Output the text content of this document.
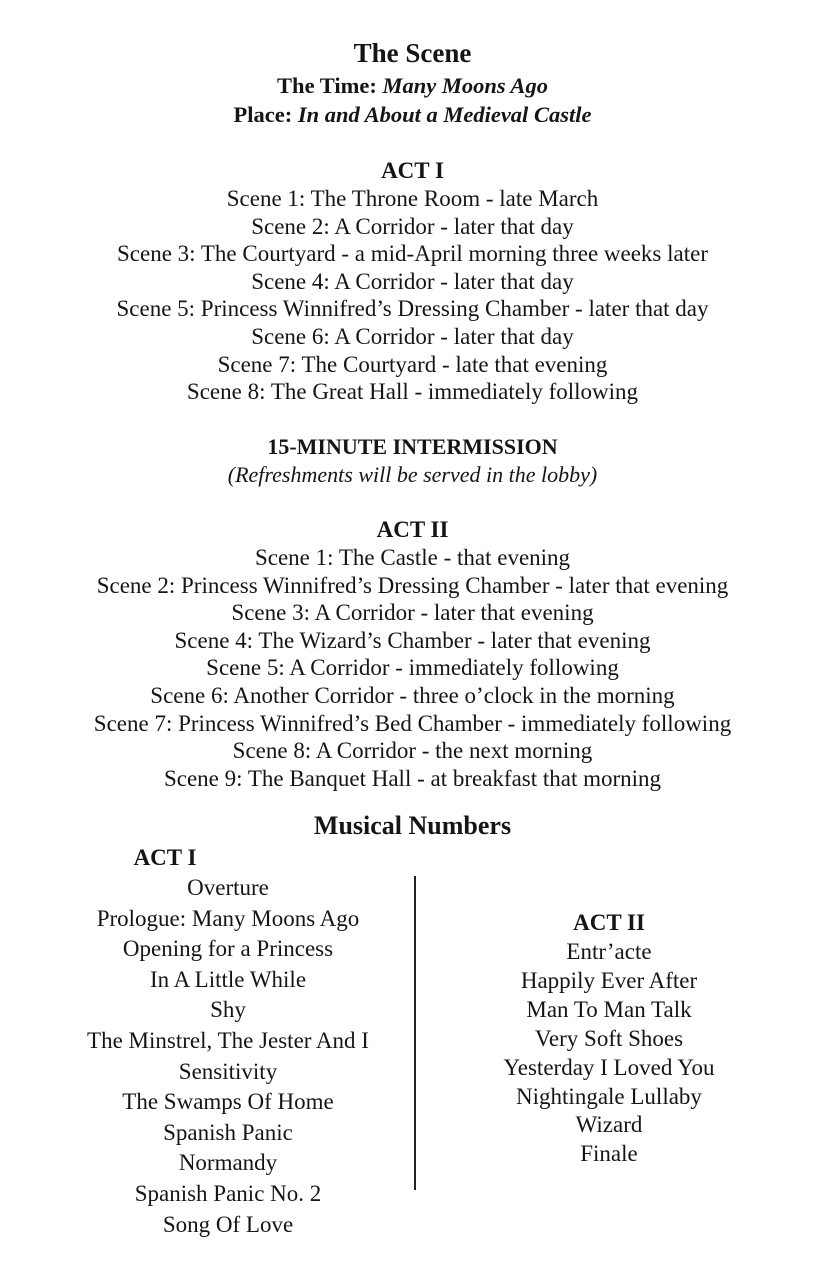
The Scene
The Time: Many Moons Ago
Place: In and About a Medieval Castle
ACT I
Scene 1: The Throne Room - late March
Scene 2: A Corridor - later that day
Scene 3: The Courtyard - a mid-April morning three weeks later
Scene 4: A Corridor - later that day
Scene 5: Princess Winnifred’s Dressing Chamber - later that day
Scene 6: A Corridor - later that day
Scene 7: The Courtyard - late that evening
Scene 8: The Great Hall - immediately following
15-MINUTE INTERMISSION
(Refreshments will be served in the lobby)
ACT II
Scene 1: The Castle - that evening
Scene 2: Princess Winnifred’s Dressing Chamber - later that evening
Scene 3: A Corridor - later that evening
Scene 4: The Wizard’s Chamber - later that evening
Scene 5: A Corridor - immediately following
Scene 6: Another Corridor - three o’clock in the morning
Scene 7: Princess Winnifred’s Bed Chamber - immediately following
Scene 8: A Corridor - the next morning
Scene 9: The Banquet Hall - at breakfast that morning
Musical Numbers
ACT I
Overture
Prologue: Many Moons Ago
Opening for a Princess
In A Little While
Shy
The Minstrel, The Jester And I
Sensitivity
The Swamps Of Home
Spanish Panic
Normandy
Spanish Panic No. 2
Song Of Love
ACT II
Entr’acte
Happily Ever After
Man To Man Talk
Very Soft Shoes
Yesterday I Loved You
Nightingale Lullaby
Wizard
Finale
